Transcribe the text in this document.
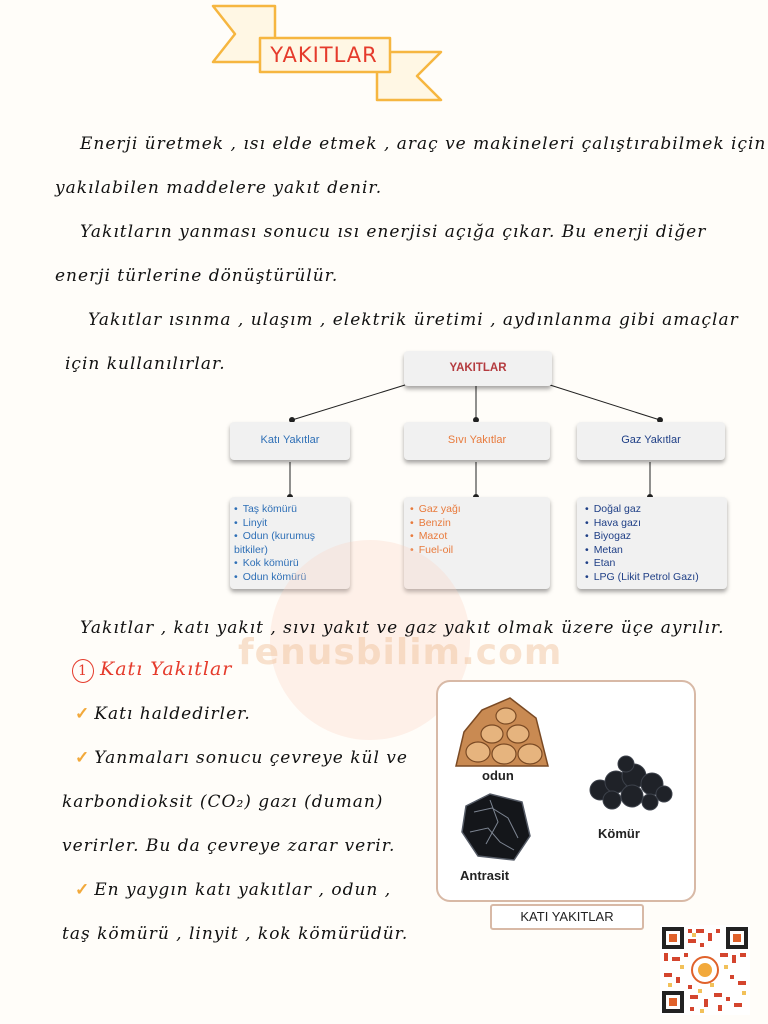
YAKITLAR
Enerji üretmek , ısı elde etmek , araç ve makineleri çalıştırabilmek için
yakılabilen maddelere yakıt denir.
Yakıtların yanması sonucu ısı enerjisi açığa çıkar. Bu enerji diğer
enerji türlerine dönüştürülür.
Yakıtlar ısınma , ulaşım , elektrik üretimi , aydınlanma gibi amaçlar
için kullanılırlar.	YAKITLAR
Katı Yakıtlar	Sıvı Yakıtlar	Gaz Yakıtlar
• Taş kömürü
• Linyit
• Odun (kurumuş bitkiler)
• Kok kömürü
• Odun kömürü
• Gaz yağı
• Benzin
• Mazot
• Fuel-oil
• Doğal gaz
• Hava gazı
• Biyogaz
• Metan
• Etan
• LPG (Likit Petrol Gazı)
fenusbilim.com
Yakıtlar , katı yakıt , sıvı yakıt ve gaz yakıt olmak üzere üçe ayrılır.
1 Katı Yakıtlar
✓ Katı haldedirler.
✓ Yanmaları sonucu çevreye kül ve
karbondioksit (CO₂) gazı (duman)
verirler. Bu da çevreye zarar verir.
✓ En yaygın katı yakıtlar , odun ,
taş kömürü , linyit , kok kömürüdür.
odun
Kömür
Antrasit
KATI YAKITLAR
